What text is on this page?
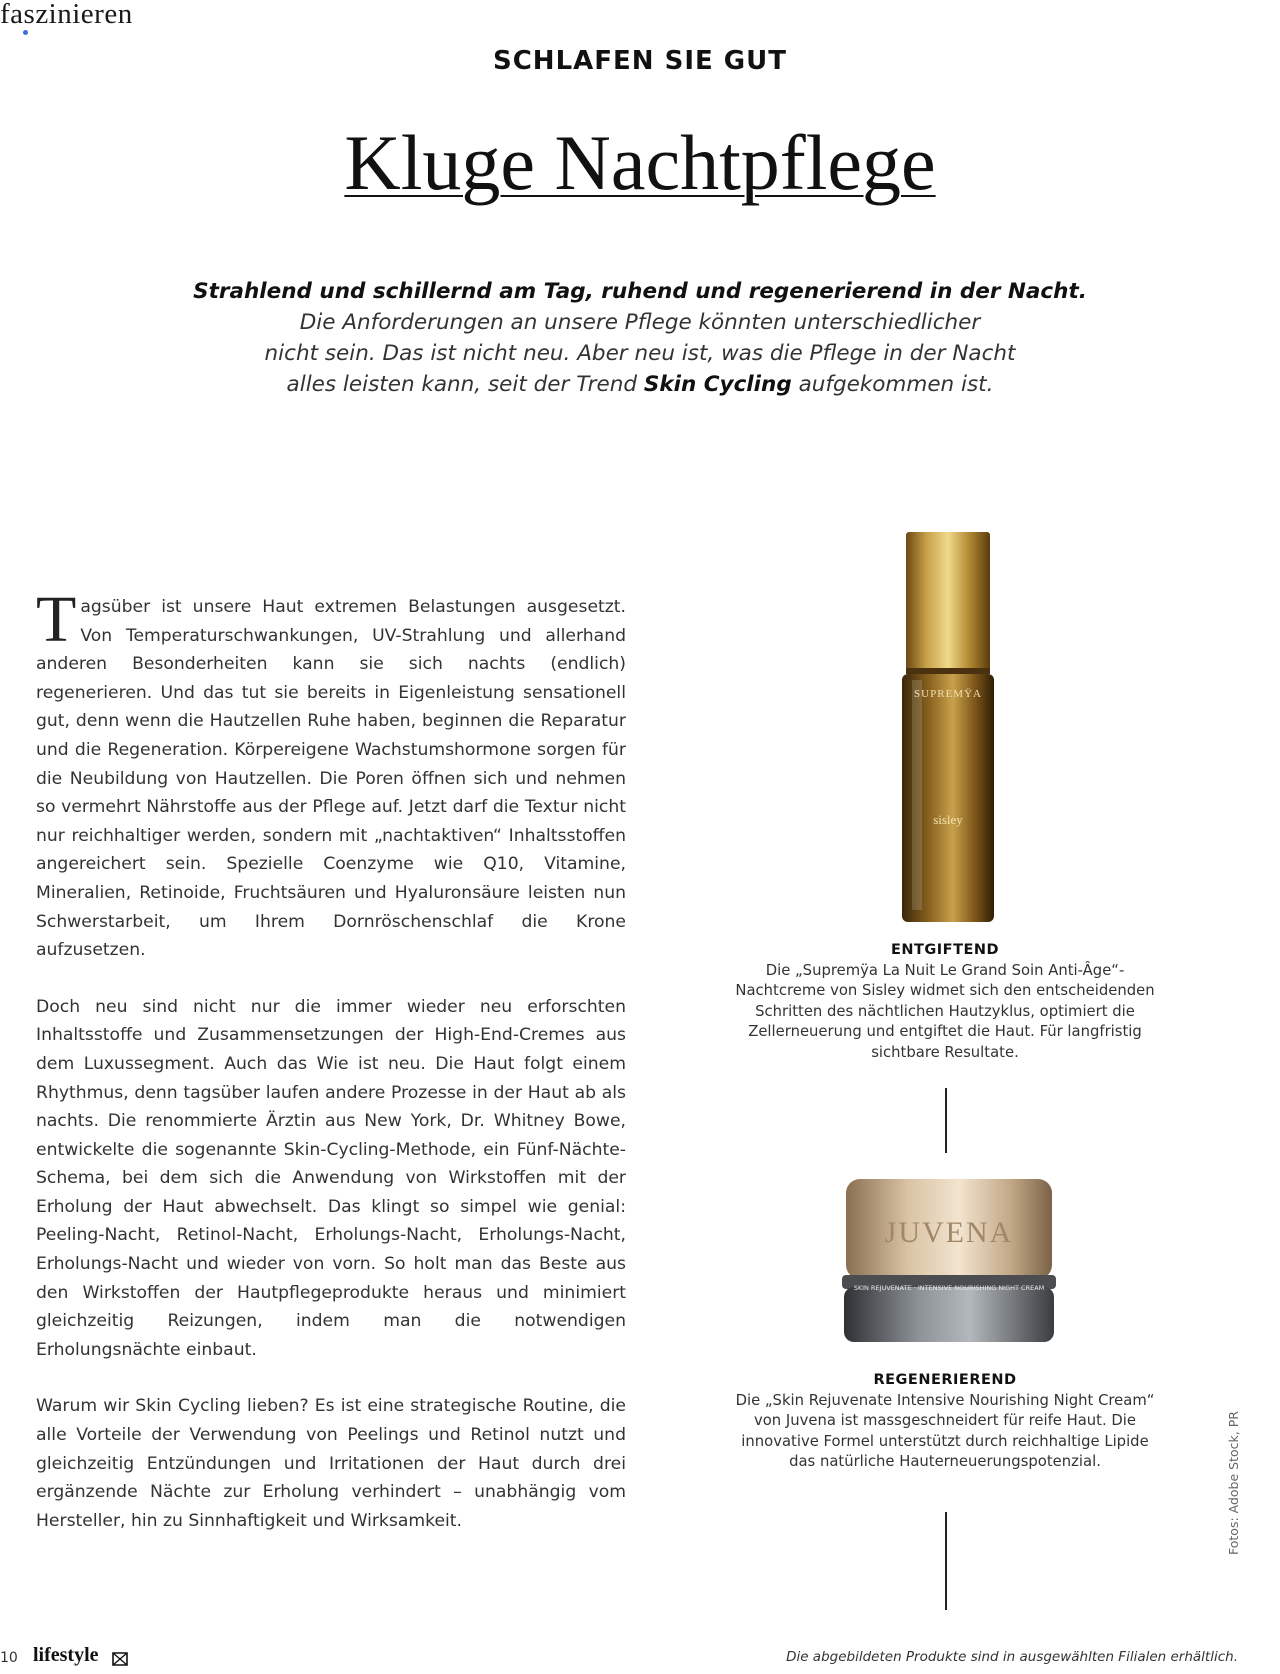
faszinieren
SCHLAFEN SIE GUT
Kluge Nachtpflege
Strahlend und schillernd am Tag, ruhend und regenerierend in der Nacht.
Die Anforderungen an unsere Pflege könnten unterschiedlicher
nicht sein. Das ist nicht neu. Aber neu ist, was die Pflege in der Nacht
alles leisten kann, seit der Trend Skin Cycling aufgekommen ist.

Tagsüber ist unsere Haut extremen Belastungen ausgesetzt. Von Temperaturschwankungen, UV-Strahlung und allerhand anderen Besonderheiten kann sie sich nachts (endlich) regenerieren. Und das tut sie bereits in Eigenleistung sensationell gut, denn wenn die Hautzellen Ruhe haben, beginnen die Reparatur und die Regeneration. Körpereigene Wachstumshormone sorgen für die Neubildung von Hautzellen. Die Poren öffnen sich und nehmen so vermehrt Nährstoffe aus der Pflege auf. Jetzt darf die Textur nicht nur reichhaltiger werden, sondern mit „nachtaktiven“ Inhaltsstoffen angereichert sein. Spezielle Coenzyme wie Q10, Vitamine, Mineralien, Retinoide, Fruchtsäuren und Hyaluronsäure leisten nun Schwerstarbeit, um Ihrem Dornröschenschlaf die Krone aufzusetzen.

Doch neu sind nicht nur die immer wieder neu erforschten Inhaltsstoffe und Zusammensetzungen der High-End-Cremes aus dem Luxussegment. Auch das Wie ist neu. Die Haut folgt einem Rhythmus, denn tagsüber laufen andere Prozesse in der Haut ab als nachts. Die renommierte Ärztin aus New York, Dr. Whitney Bowe, entwickelte die sogenannte Skin-Cycling-Methode, ein Fünf-Nächte-Schema, bei dem sich die Anwendung von Wirkstoffen mit der Erholung der Haut abwechselt. Das klingt so simpel wie genial: Peeling-Nacht, Retinol-Nacht, Erholungs-Nacht, Erholungs-Nacht, Erholungs-Nacht und wieder von vorn. So holt man das Beste aus den Wirkstoffen der Hautpflegeprodukte heraus und minimiert gleichzeitig Reizungen, indem man die notwendigen Erholungsnächte einbaut.

Warum wir Skin Cycling lieben? Es ist eine strategische Routine, die alle Vorteile der Verwendung von Peelings und Retinol nutzt und gleichzeitig Entzündungen und Irritationen der Haut durch drei ergänzende Nächte zur Erholung verhindert – unabhängig vom Hersteller, hin zu Sinnhaftigkeit und Wirksamkeit.

SUPREMŸA
sisley
ENTGIFTEND
Die „Supremÿa La Nuit Le Grand Soin Anti-Âge“-Nachtcreme von Sisley widmet sich den entscheidenden Schritten des nächtlichen Hautzyklus, optimiert die Zellerneuerung und entgiftet die Haut. Für langfristig sichtbare Resultate.
JUVENA
SKIN REJUVENATE · INTENSIVE NOURISHING NIGHT CREAM
REGENERIEREND
Die „Skin Rejuvenate Intensive Nourishing Night Cream“ von Juvena ist massgeschneidert für reife Haut. Die innovative Formel unterstützt durch reichhaltige Lipide das natürliche Hauterneuerungspotenzial.	Fotos: Adobe Stock, PR
10 lifestyle	Die abgebildeten Produkte sind in ausgewählten Filialen erhältlich.
